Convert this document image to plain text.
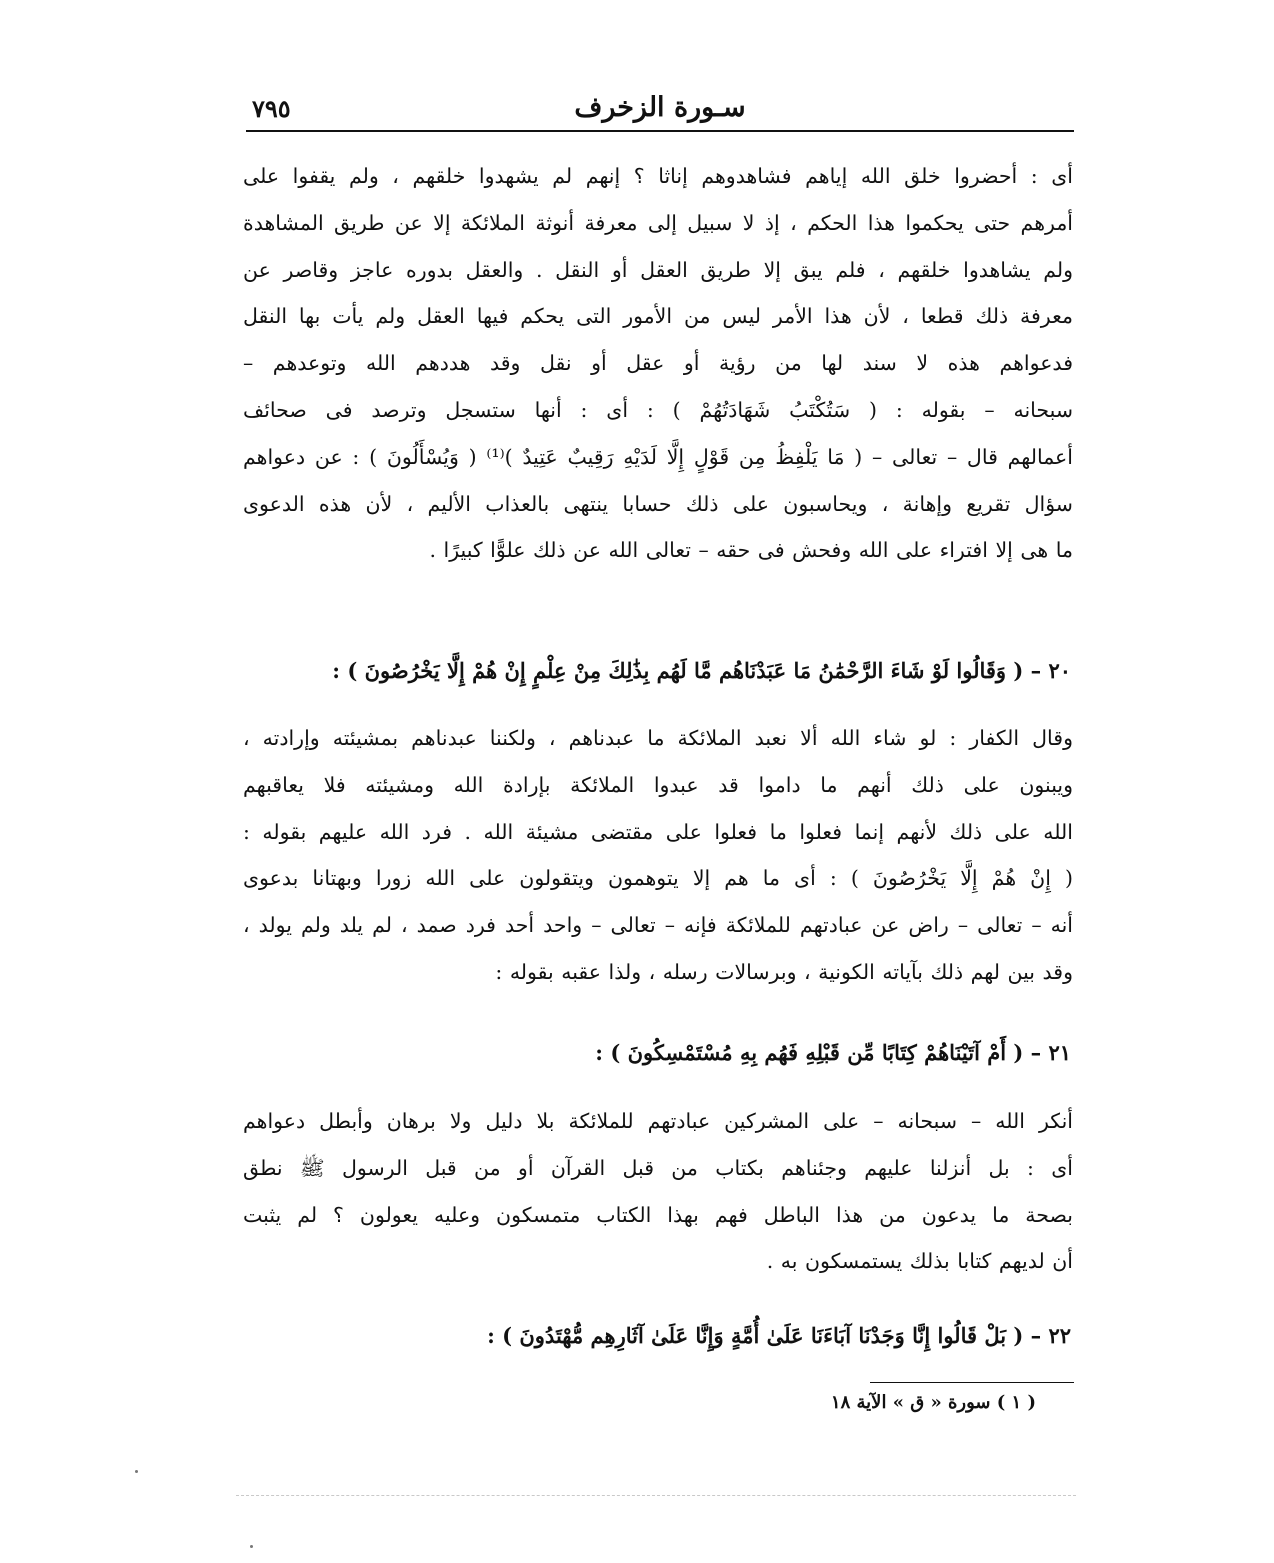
٧٩٥	سـورة الزخرف
أى : أحضروا خلق الله إياهم فشاهدوهم إناثا ؟ إنهم لم يشهدوا خلقهم ، ولم يقفوا على
أمرهم حتى يحكموا هذا الحكم ، إذ لا سبيل إلى معرفة أنوثة الملائكة إلا عن طريق المشاهدة
ولم يشاهدوا خلقهم ، فلم يبق إلا طريق العقل أو النقل . والعقل بدوره عاجز وقاصر عن
معرفة ذلك قطعا ، لأن هذا الأمر ليس من الأمور التى يحكم فيها العقل ولم يأت بها النقل
فدعواهم هذه لا سند لها من رؤية أو عقل أو نقل وقد هددهم الله وتوعدهم –
سبحانه – بقوله : ( سَتُكْتَبُ شَهَادَتُهُمْ ) : أى : أنها ستسجل وترصد فى صحائف
أعمالهم قال – تعالى – ( مَا يَلْفِظُ مِن قَوْلٍ إِلَّا لَدَيْهِ رَقِيبٌ عَتِيدٌ )⁽¹⁾ ( وَيُسْأَلُونَ ) : عن دعواهم
سؤال تقريع وإهانة ، ويحاسبون على ذلك حسابا ينتهى بالعذاب الأليم ، لأن هذه الدعوى
ما هى إلا افتراء على الله وفحش فى حقه – تعالى الله عن ذلك علوًّا كبيرًا .
٢٠ – ( وَقَالُوا لَوْ شَاءَ الرَّحْمَٰنُ مَا عَبَدْنَاهُم مَّا لَهُم بِذَٰلِكَ مِنْ عِلْمٍ إِنْ هُمْ إِلَّا يَخْرُصُونَ ) :
وقال الكفار : لو شاء الله ألا نعبد الملائكة ما عبدناهم ، ولكننا عبدناهم بمشيئته وإرادته ،
ويبنون على ذلك أنهم ما داموا قد عبدوا الملائكة بإرادة الله ومشيئته فلا يعاقبهم
الله على ذلك لأنهم إنما فعلوا ما فعلوا على مقتضى مشيئة الله . فرد الله عليهم بقوله :
( إِنْ هُمْ إِلَّا يَخْرُصُونَ ) : أى ما هم إلا يتوهمون ويتقولون على الله زورا وبهتانا بدعوى
أنه – تعالى – راض عن عبادتهم للملائكة فإنه – تعالى – واحد أحد فرد صمد ، لم يلد ولم يولد ،
وقد بين لهم ذلك بآياته الكونية ، وبرسالات رسله ، ولذا عقبه بقوله :
٢١ – ( أَمْ آتَيْنَاهُمْ كِتَابًا مِّن قَبْلِهِ فَهُم بِهِ مُسْتَمْسِكُونَ ) :
أنكر الله – سبحانه – على المشركين عبادتهم للملائكة بلا دليل ولا برهان وأبطل دعواهم
أى : بل أنزلنا عليهم وجئناهم بكتاب من قبل القرآن أو من قبل الرسول ﷺ نطق
بصحة ما يدعون من هذا الباطل فهم بهذا الكتاب متمسكون وعليه يعولون ؟ لم يثبت
أن لديهم كتابا بذلك يستمسكون به .
٢٢ – ( بَلْ قَالُوا إِنَّا وَجَدْنَا آبَاءَنَا عَلَىٰ أُمَّةٍ وَإِنَّا عَلَىٰ آثَارِهِم مُّهْتَدُونَ ) :
( ١ ) سورة « ق » الآية ١٨
